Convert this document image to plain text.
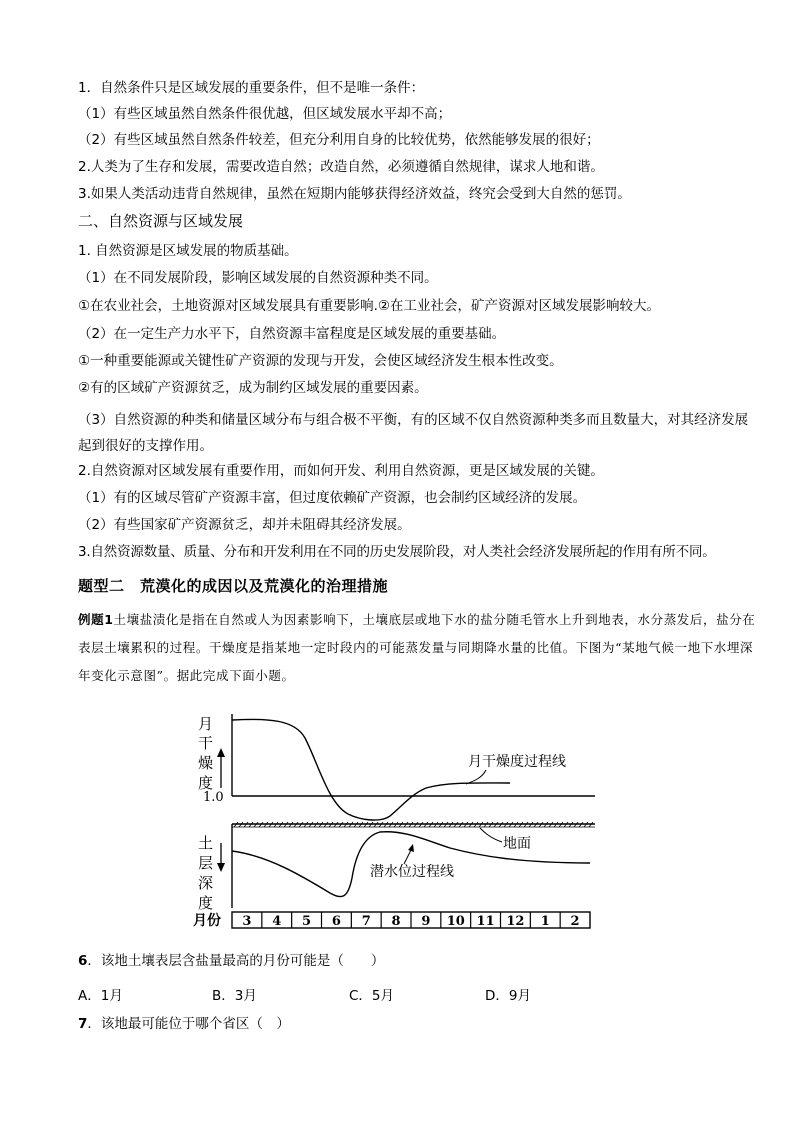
1．自然条件只是区域发展的重要条件，但不是唯一条件：
（1）有些区域虽然自然条件很优越，但区域发展水平却不高；
（2）有些区域虽然自然条件较差，但充分利用自身的比较优势，依然能够发展的很好；
2.人类为了生存和发展，需要改造自然；改造自然，必须遵循自然规律，谋求人地和谐。
3.如果人类活动违背自然规律，虽然在短期内能够获得经济效益，终究会受到大自然的惩罚。
二、自然资源与区域发展
1. 自然资源是区域发展的物质基础。
（1）在不同发展阶段，影响区域发展的自然资源种类不同。
①在农业社会，土地资源对区域发展具有重要影响.②在工业社会，矿产资源对区域发展影响较大。
（2）在一定生产力水平下，自然资源丰富程度是区域发展的重要基础。
①一种重要能源或关键性矿产资源的发现与开发，会使区域经济发生根本性改变。
②有的区域矿产资源贫乏，成为制约区域发展的重要因素。
（3）自然资源的种类和储量区域分布与组合极不平衡，有的区域不仅自然资源种类多而且数量大，对其经济发展起到很好的支撑作用。
2.自然资源对区域发展有重要作用，而如何开发、利用自然资源，更是区域发展的关键。
（1）有的区域尽管矿产资源丰富，但过度依赖矿产资源，也会制约区域经济的发展。
（2）有些国家矿产资源贫乏，却并未阻碍其经济发展。
3.自然资源数量、质量、分布和开发利用在不同的历史发展阶段，对人类社会经济发展所起的作用有所不同。
题型二　荒漠化的成因以及荒漠化的治理措施
例题1土壤盐渍化是指在自然或人为因素影响下，土壤底层或地下水的盐分随毛管水上升到地表，水分蒸发后，盐分在表层土壤累积的过程。干燥度是指某地一定时段内的可能蒸发量与同期降水量的比值。下图为“某地气候一地下水埋深年变化示意图”。据此完成下面小题。
月
干
燥
度
1.0
月干燥度过程线
土
层
深
度
地面
潜水位过程线
月份 3 4 5 6 7 8 9 10 11 12 1 2
6．该地土壤表层含盐量最高的月份可能是（　　）
A．1月	B．3月	C．5月	D．9月
7．该地最可能位于哪个省区（　）
